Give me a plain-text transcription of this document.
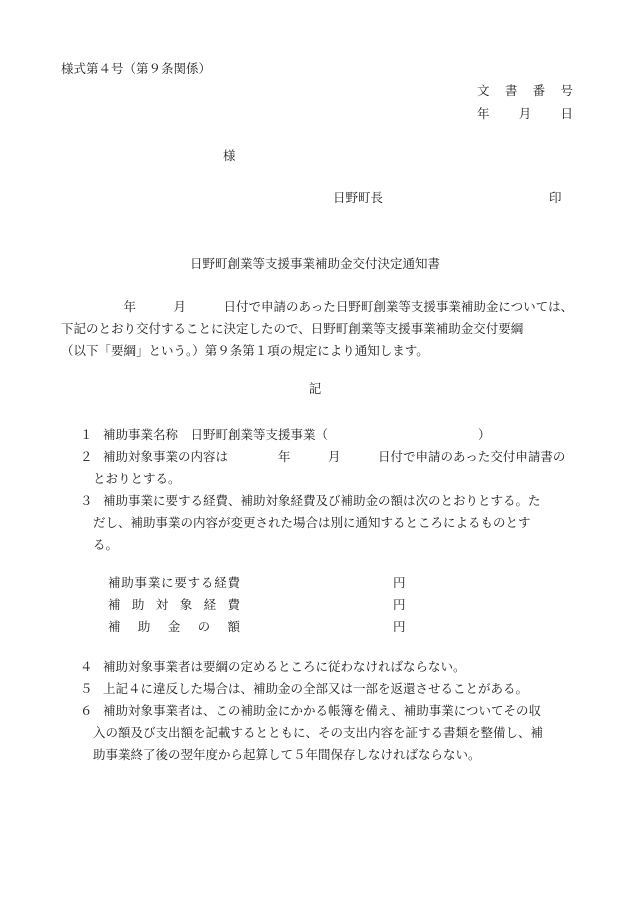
様式第４号（第９条関係）
文　書　番　号
年　　月　　日
様
日野町長	印
日野町創業等支援事業補助金交付決定通知書

　　　　　年　　　月　　　日付で申請のあった日野町創業等支援事業補助金については、

下記のとおり交付することに決定したので、日野町創業等支援事業補助金交付要綱

（以下「要綱」という。）第９条第１項の規定により通知します。

記
１ 補助事業名称　日野町創業等支援事業（　　　　　　　　　　　　）

２ 補助対象事業の内容は　　　　年　　　月　　　日付で申請のあった交付申請書の

とおりとする。

３ 補助事業に要する経費、補助対象経費及び補助金の額は次のとおりとする。た

だし、補助事業の内容が変更された場合は別に通知するところによるものとす

る。

補助事業に要する経費	円
補助対象経費	円
補助金の額	円
４ 補助対象事業者は要綱の定めるところに従わなければならない。

５ 上記４に違反した場合は、補助金の全部又は一部を返還させることがある。

６ 補助対象事業者は、この補助金にかかる帳簿を備え、補助事業についてその収

入の額及び支出額を記載するとともに、その支出内容を証する書類を整備し、補

助事業終了後の翌年度から起算して５年間保存しなければならない。
